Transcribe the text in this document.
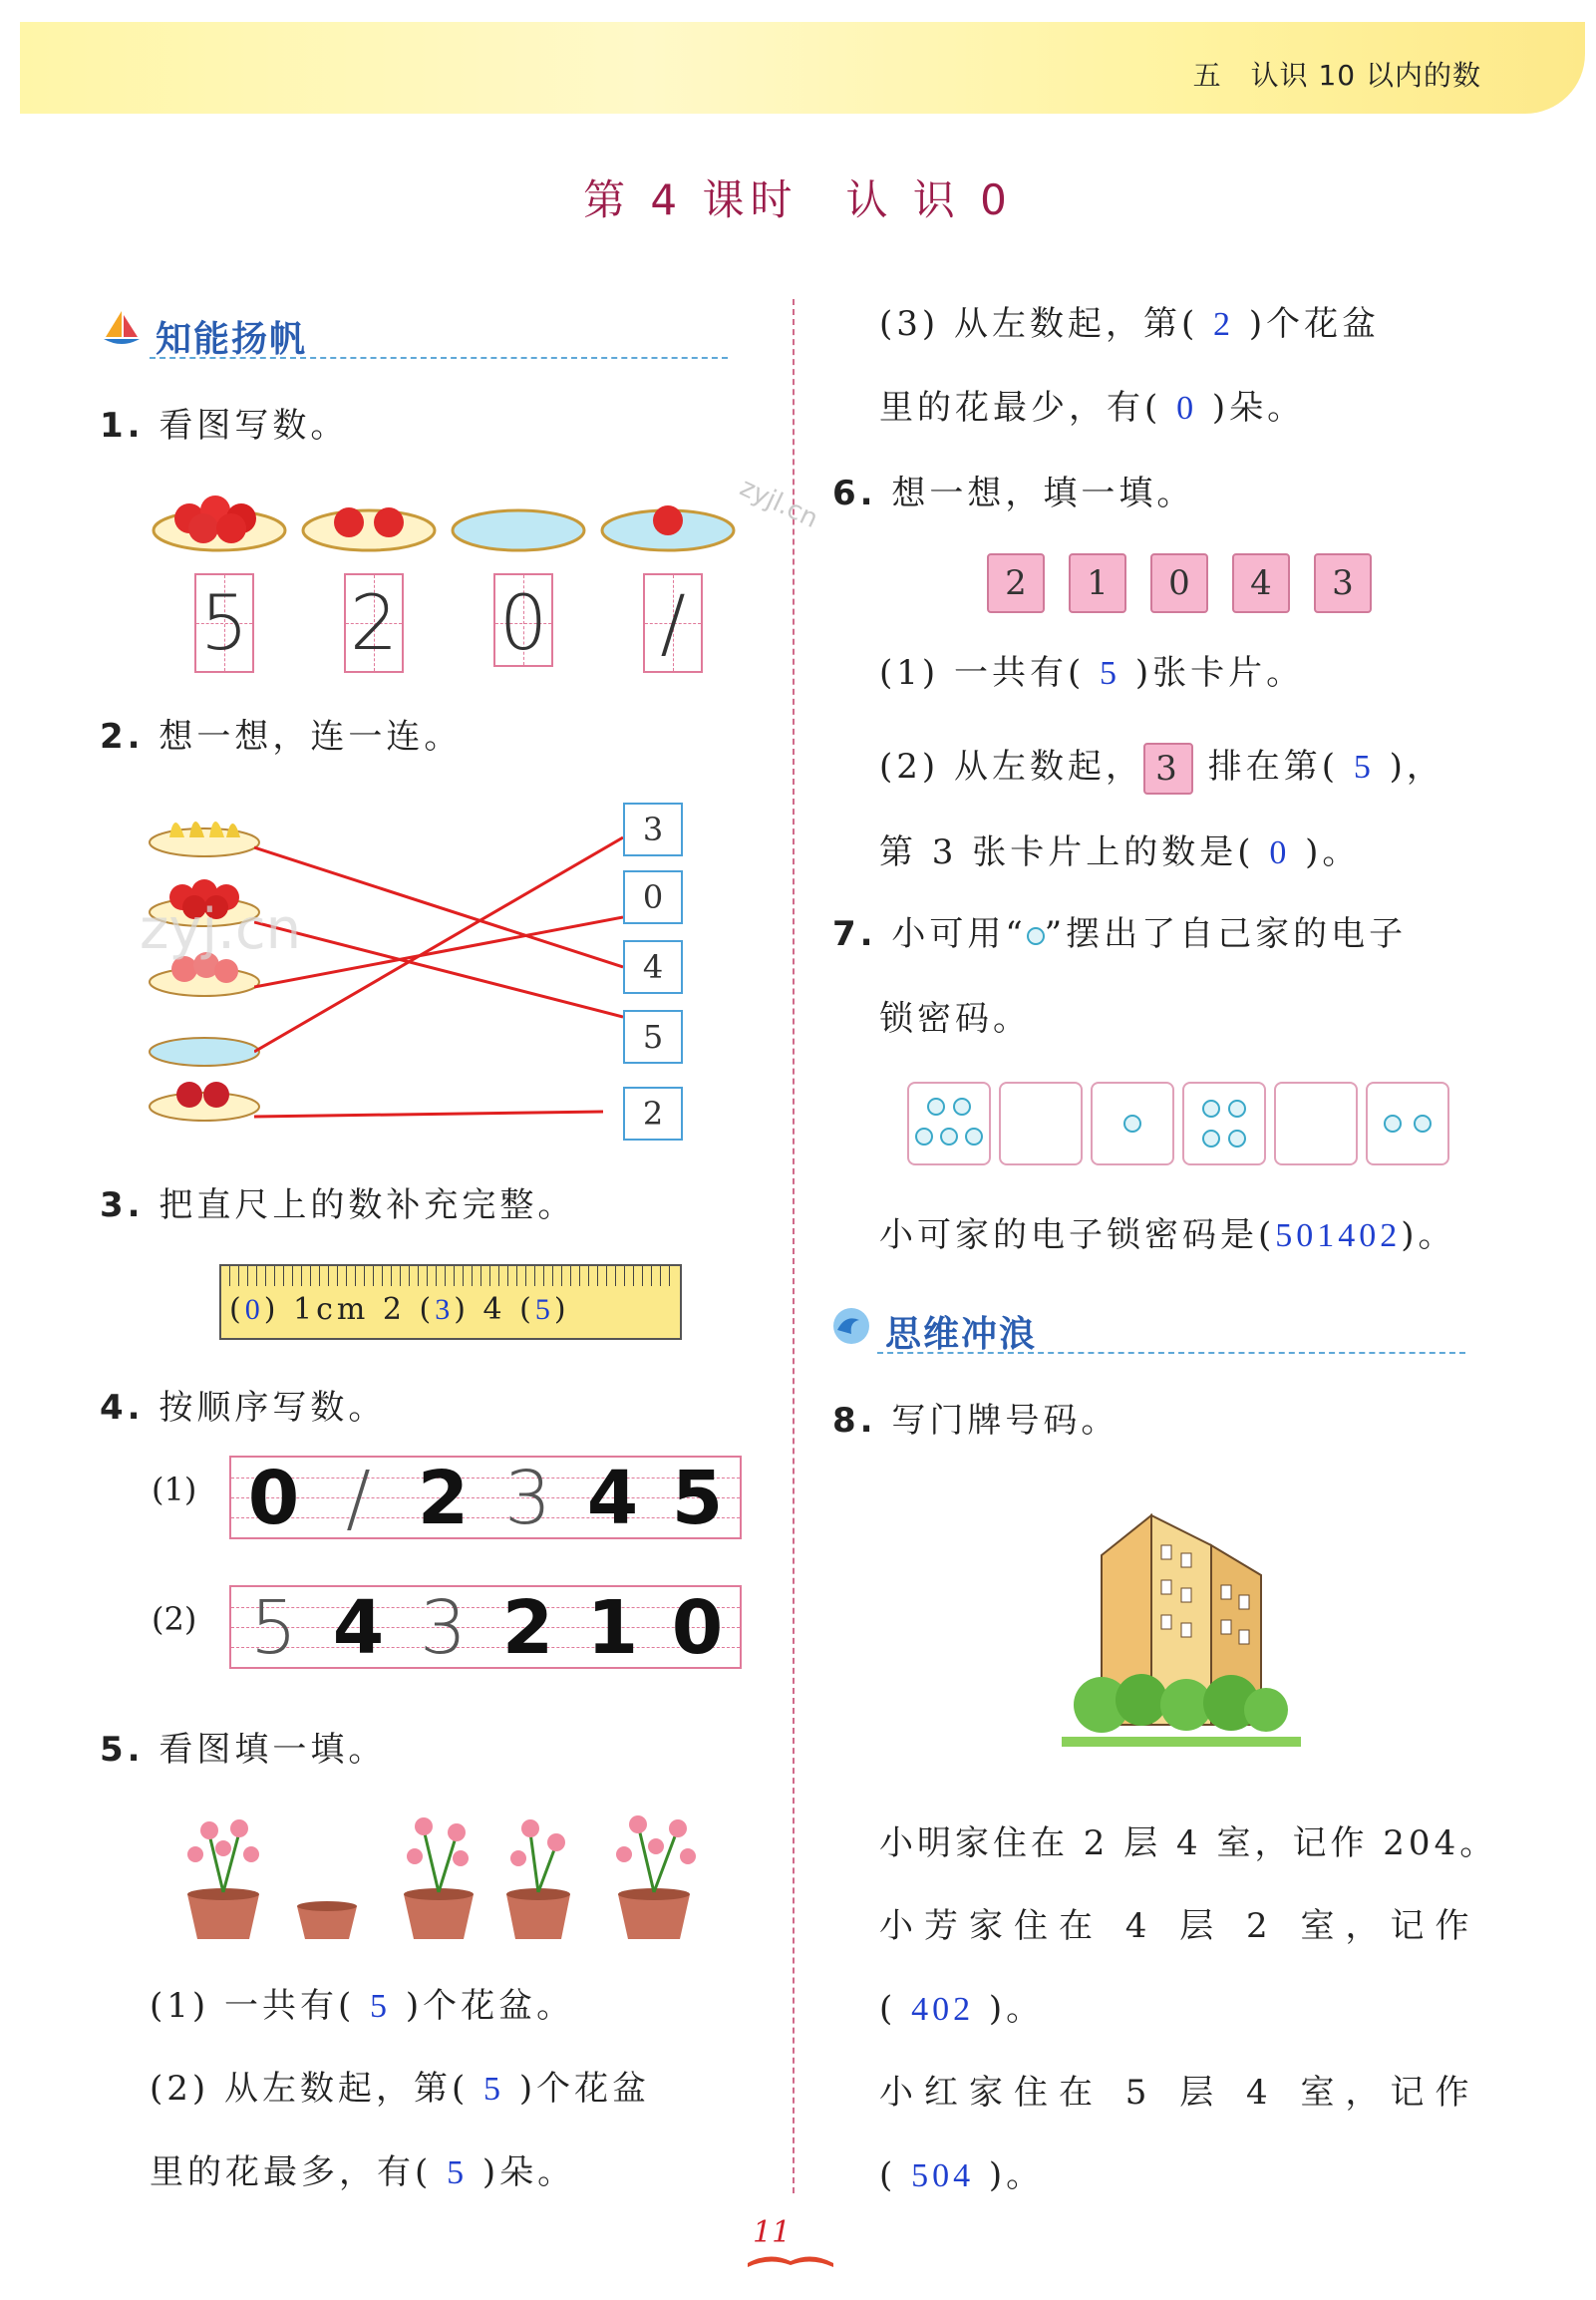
五　认识 10 以内的数
第 4 课时　认 识 0
知能扬帆
1. 看图写数。
5 2 0 /
zyjl.cn
2. 想一想，连一连。
3
0
4
5
2
zyj.cn
3. 把直尺上的数补充完整。
(0) 1cm 2 (3) 4 (5)
4. 按顺序写数。
(1) 0 / 2 3 4 5
(2) 5 4 3 2 1 0
5. 看图填一填。
(1) 一共有( 5 )个花盆。
(2) 从左数起，第( 5 )个花盆
里的花最多，有( 5 )朵。
(3) 从左数起，第( 2 )个花盆
里的花最少，有( 0 )朵。
6. 想一想，填一填。
2	1	0	4	3
(1) 一共有( 5 )张卡片。
(2) 从左数起， 3 排在第( 5 )，
第 3 张卡片上的数是( 0 )。
7. 小可用“ ”摆出了自己家的电子
锁密码。
小可家的电子锁密码是(501402)。
思维冲浪
8. 写门牌号码。
小明家住在 2 层 4 室，记作 204。
小芳家住在 4 层 2 室，记作
( 402 )。
小红家住在 5 层 4 室，记作
( 504 )。
11
